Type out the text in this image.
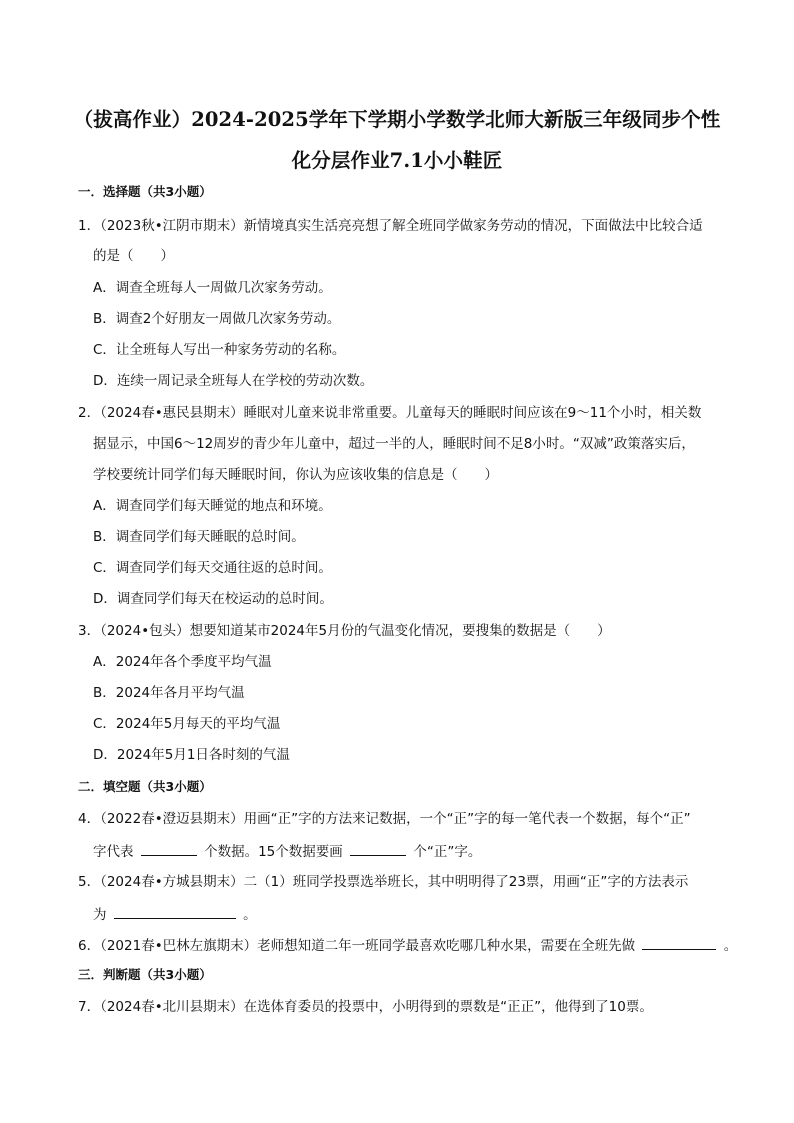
（拔高作业）2024-2025学年下学期小学数学北师大新版三年级同步个性
化分层作业7.1小小鞋匠
一．选择题（共3小题）
1．（2023秋•江阴市期末）新情境真实生活亮亮想了解全班同学做家务劳动的情况，下面做法中比较合适
的是（　　）
A．调查全班每人一周做几次家务劳动。
B．调查2个好朋友一周做几次家务劳动。
C．让全班每人写出一种家务劳动的名称。
D．连续一周记录全班每人在学校的劳动次数。
2．（2024春•惠民县期末）睡眠对儿童来说非常重要。儿童每天的睡眠时间应该在9～11个小时，相关数
据显示，中国6～12周岁的青少年儿童中，超过一半的人，睡眠时间不足8小时。“双减”政策落实后，
学校要统计同学们每天睡眠时间，你认为应该收集的信息是（　　）
A．调查同学们每天睡觉的地点和环境。
B．调查同学们每天睡眠的总时间。
C．调查同学们每天交通往返的总时间。
D．调查同学们每天在校运动的总时间。
3．（2024•包头）想要知道某市2024年5月份的气温变化情况，要搜集的数据是（　　）
A．2024年各个季度平均气温
B．2024年各月平均气温
C．2024年5月每天的平均气温
D．2024年5月1日各时刻的气温
二．填空题（共3小题）
4．（2022春•澄迈县期末）用画“正”字的方法来记数据，一个“正”字的每一笔代表一个数据，每个“正”
字代表	个数据。15个数据要画	个“正”字。
5．（2024春•方城县期末）二（1）班同学投票选举班长，其中明明得了23票，用画“正”字的方法表示
为	。
6．（2021春•巴林左旗期末）老师想知道二年一班同学最喜欢吃哪几种水果，需要在全班先做	。
三．判断题（共3小题）
7．（2024春•北川县期末）在选体育委员的投票中，小明得到的票数是“正正”，他得到了10票。
